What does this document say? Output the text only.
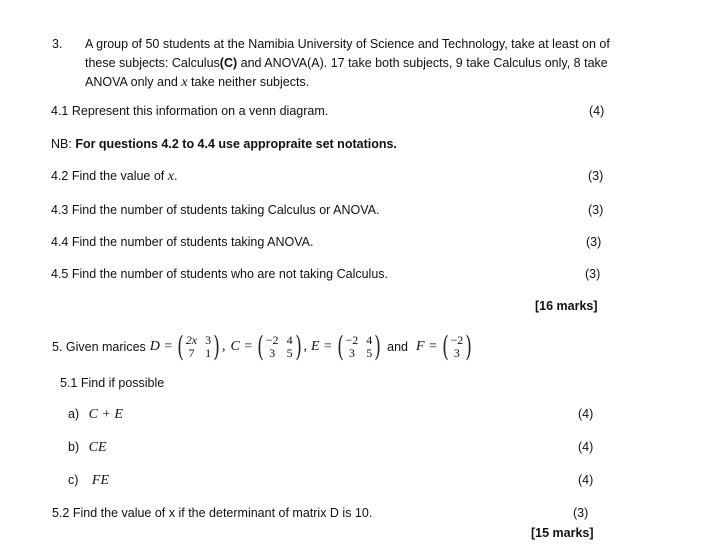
3. A group of 50 students at the Namibia University of Science and Technology, take at least on of
these subjects: Calculus(C) and ANOVA(A). 17 take both subjects, 9 take Calculus only, 8 take
ANOVA only and x take neither subjects.
4.1 Represent this information on a venn diagram.	(4)
NB: For questions 4.2 to 4.4 use appropraite set notations.
4.2 Find the value of x.	(3)
4.3 Find the number of students taking Calculus or ANOVA.	(3)
4.4 Find the number of students taking ANOVA.	(3)
4.5 Find the number of students who are not taking Calculus.	(3)
[16 marks]
5. Given marices D = ( 2x 3
7 1 ) , C = ( −2 4
3 5 ) , E = ( −2 4
3 5 ) and F = ( −2
3 )
5.1 Find if possible
a) C + E	(4)
b) CE	(4)
c) FE	(4)
5.2 Find the value of x if the determinant of matrix D is 10.	(3)
[15 marks]
